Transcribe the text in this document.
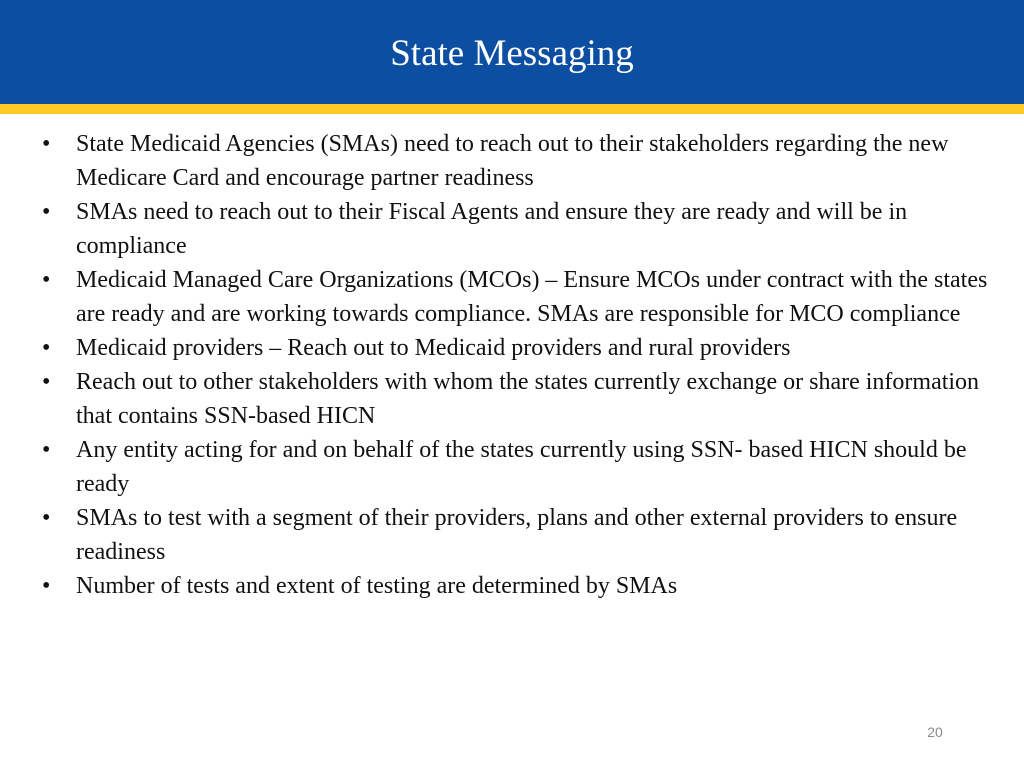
State Messaging
• State Medicaid Agencies (SMAs) need to reach out to their stakeholders regarding the new Medicare Card and encourage partner readiness
• SMAs need to reach out to their Fiscal Agents and ensure they are ready and will be in compliance
• Medicaid Managed Care Organizations (MCOs) – Ensure MCOs under contract with the states are ready and are working towards compliance. SMAs are responsible for MCO compliance
• Medicaid providers – Reach out to Medicaid providers and rural providers
• Reach out to other stakeholders with whom the states currently exchange or share information that contains SSN-based HICN
• Any entity acting for and on behalf of the states currently using SSN- based HICN should be ready
• SMAs to test with a segment of their providers, plans and other external providers to ensure readiness
• Number of tests and extent of testing are determined by SMAs
20
